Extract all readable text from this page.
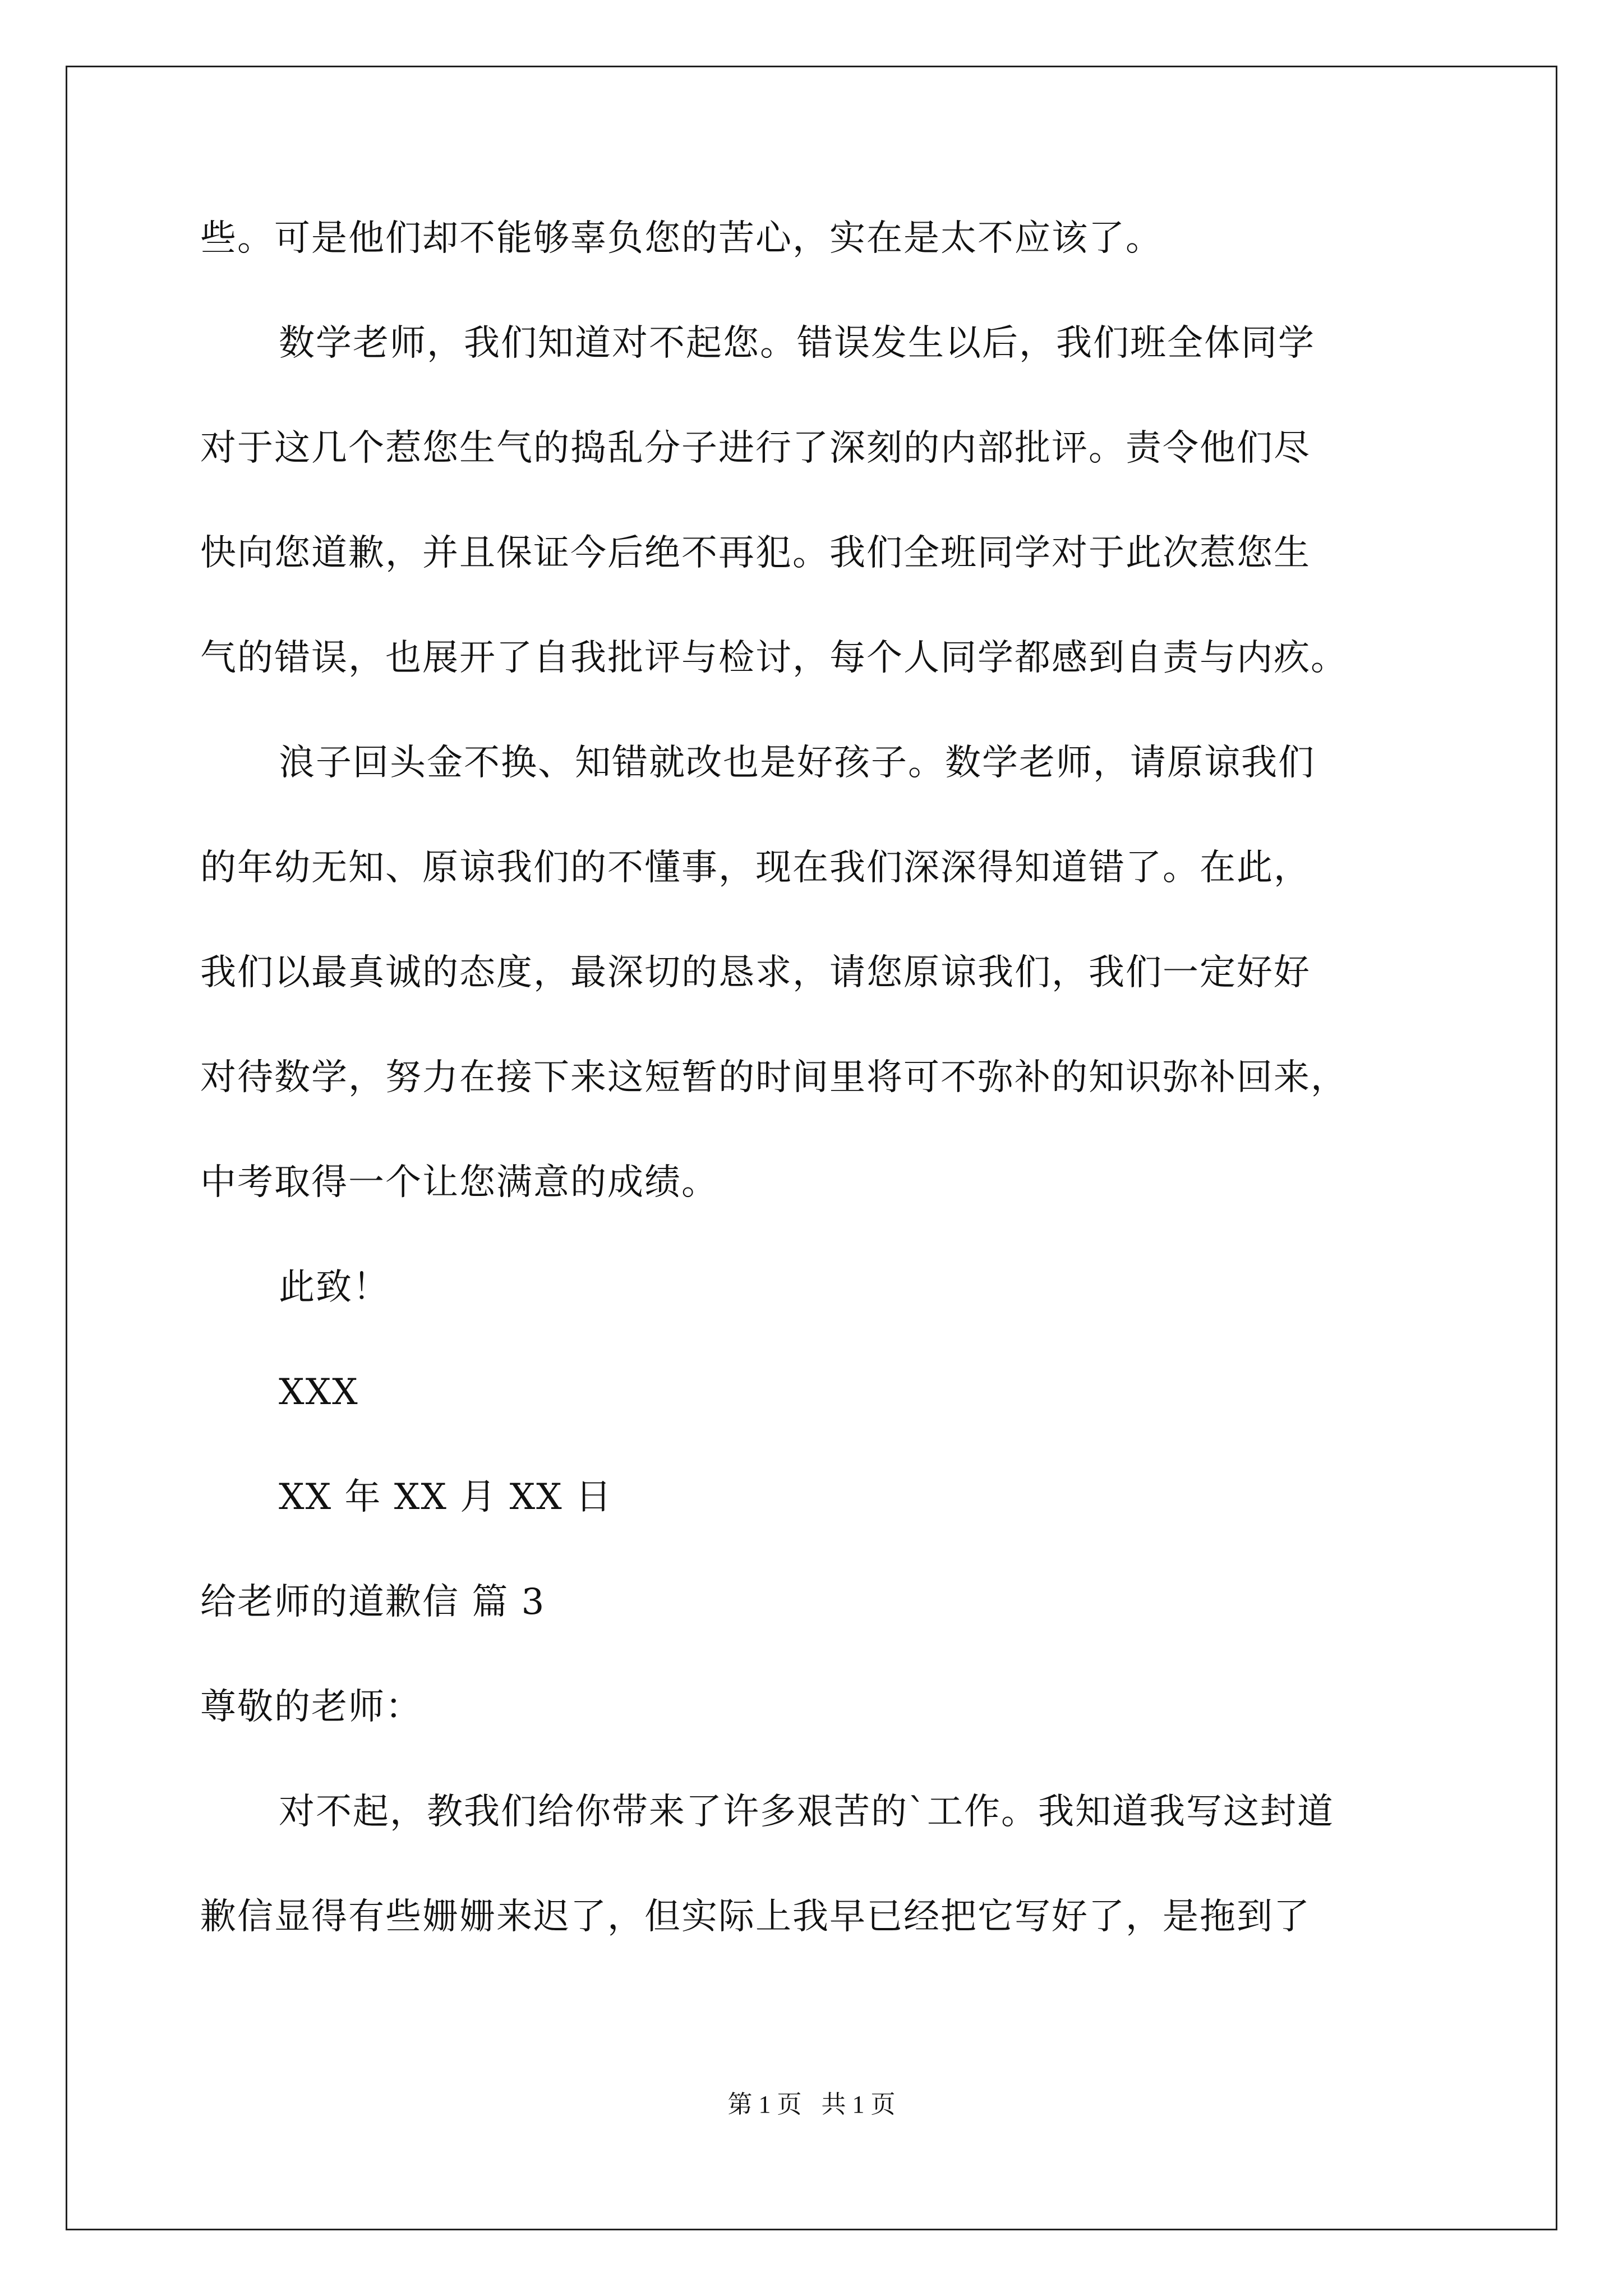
些。可是他们却不能够辜负您的苦心，实在是太不应该了。
数学老师，我们知道对不起您。错误发生以后，我们班全体同学
对于这几个惹您生气的捣乱分子进行了深刻的内部批评。责令他们尽
快向您道歉，并且保证今后绝不再犯。我们全班同学对于此次惹您生
气的错误，也展开了自我批评与检讨，每个人同学都感到自责与内疚。
浪子回头金不换、知错就改也是好孩子。数学老师，请原谅我们
的年幼无知、原谅我们的不懂事，现在我们深深得知道错了。在此，
我们以最真诚的态度，最深切的恳求，请您原谅我们，我们一定好好
对待数学，努力在接下来这短暂的时间里将可不弥补的知识弥补回来，
中考取得一个让您满意的成绩。
此致！
XXX
XX 年 XX 月 XX 日
给老师的道歉信 篇 3
尊敬的老师：
对不起，教我们给你带来了许多艰苦的`工作。我知道我写这封道
歉信显得有些姗姗来迟了，但实际上我早已经把它写好了，是拖到了
第 1 页 共 1 页
